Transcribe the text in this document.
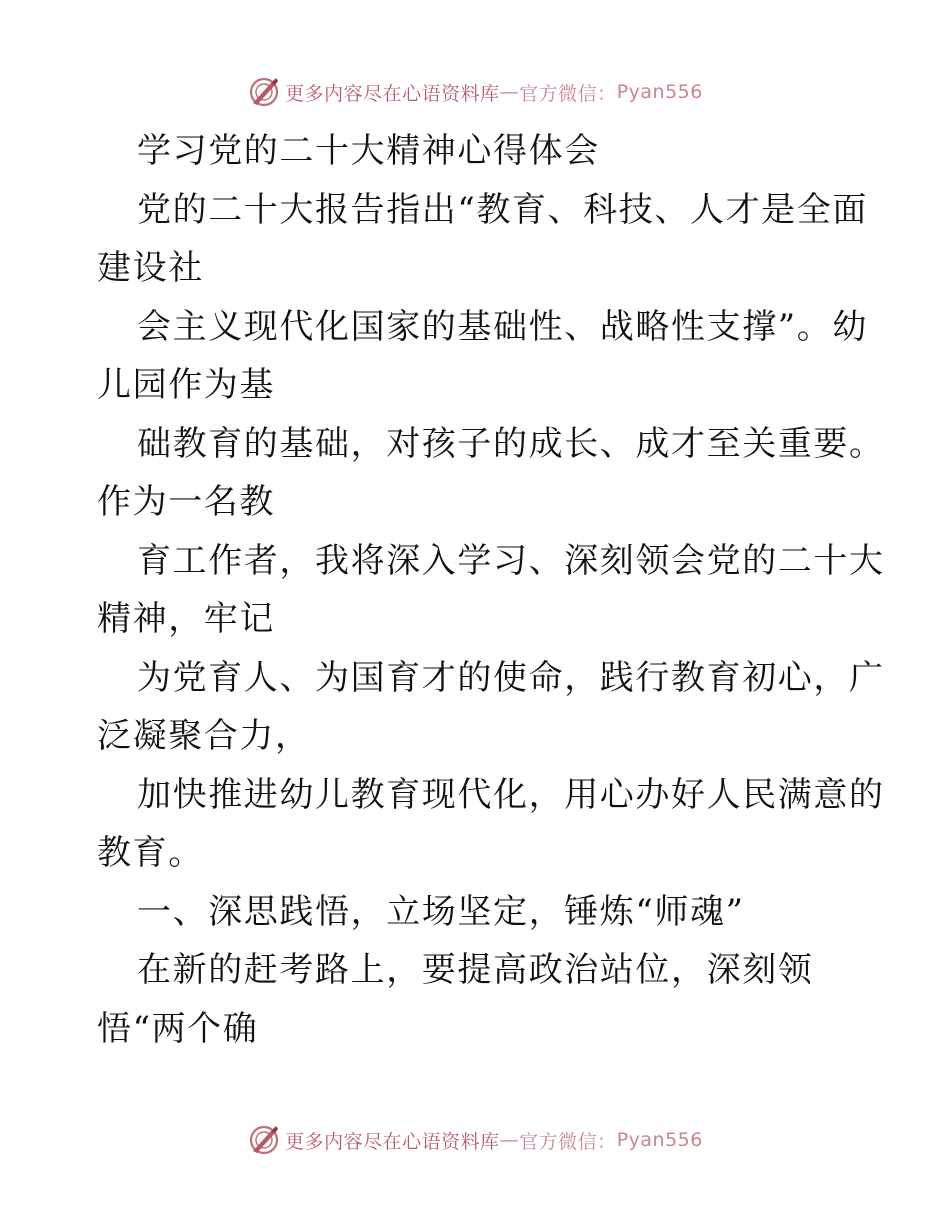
更多内容尽在心语资料库 — 官方微信： Pyan556
学习党的二十大精神心得体会
党的二十大报告指出“教育、科技、人才是全面
建设社
会主义现代化国家的基础性、战略性支撑”。幼
儿园作为基
础教育的基础，对孩子的成长、成才至关重要。
作为一名教
育工作者，我将深入学习、深刻领会党的二十大
精神，牢记
为党育人、为国育才的使命，践行教育初心，广
泛凝聚合力，
加快推进幼儿教育现代化，用心办好人民满意的
教育。
一、深思践悟，立场坚定，锤炼“师魂”
在新的赶考路上，要提高政治站位，深刻领
悟“两个确
更多内容尽在心语资料库 — 官方微信： Pyan556
